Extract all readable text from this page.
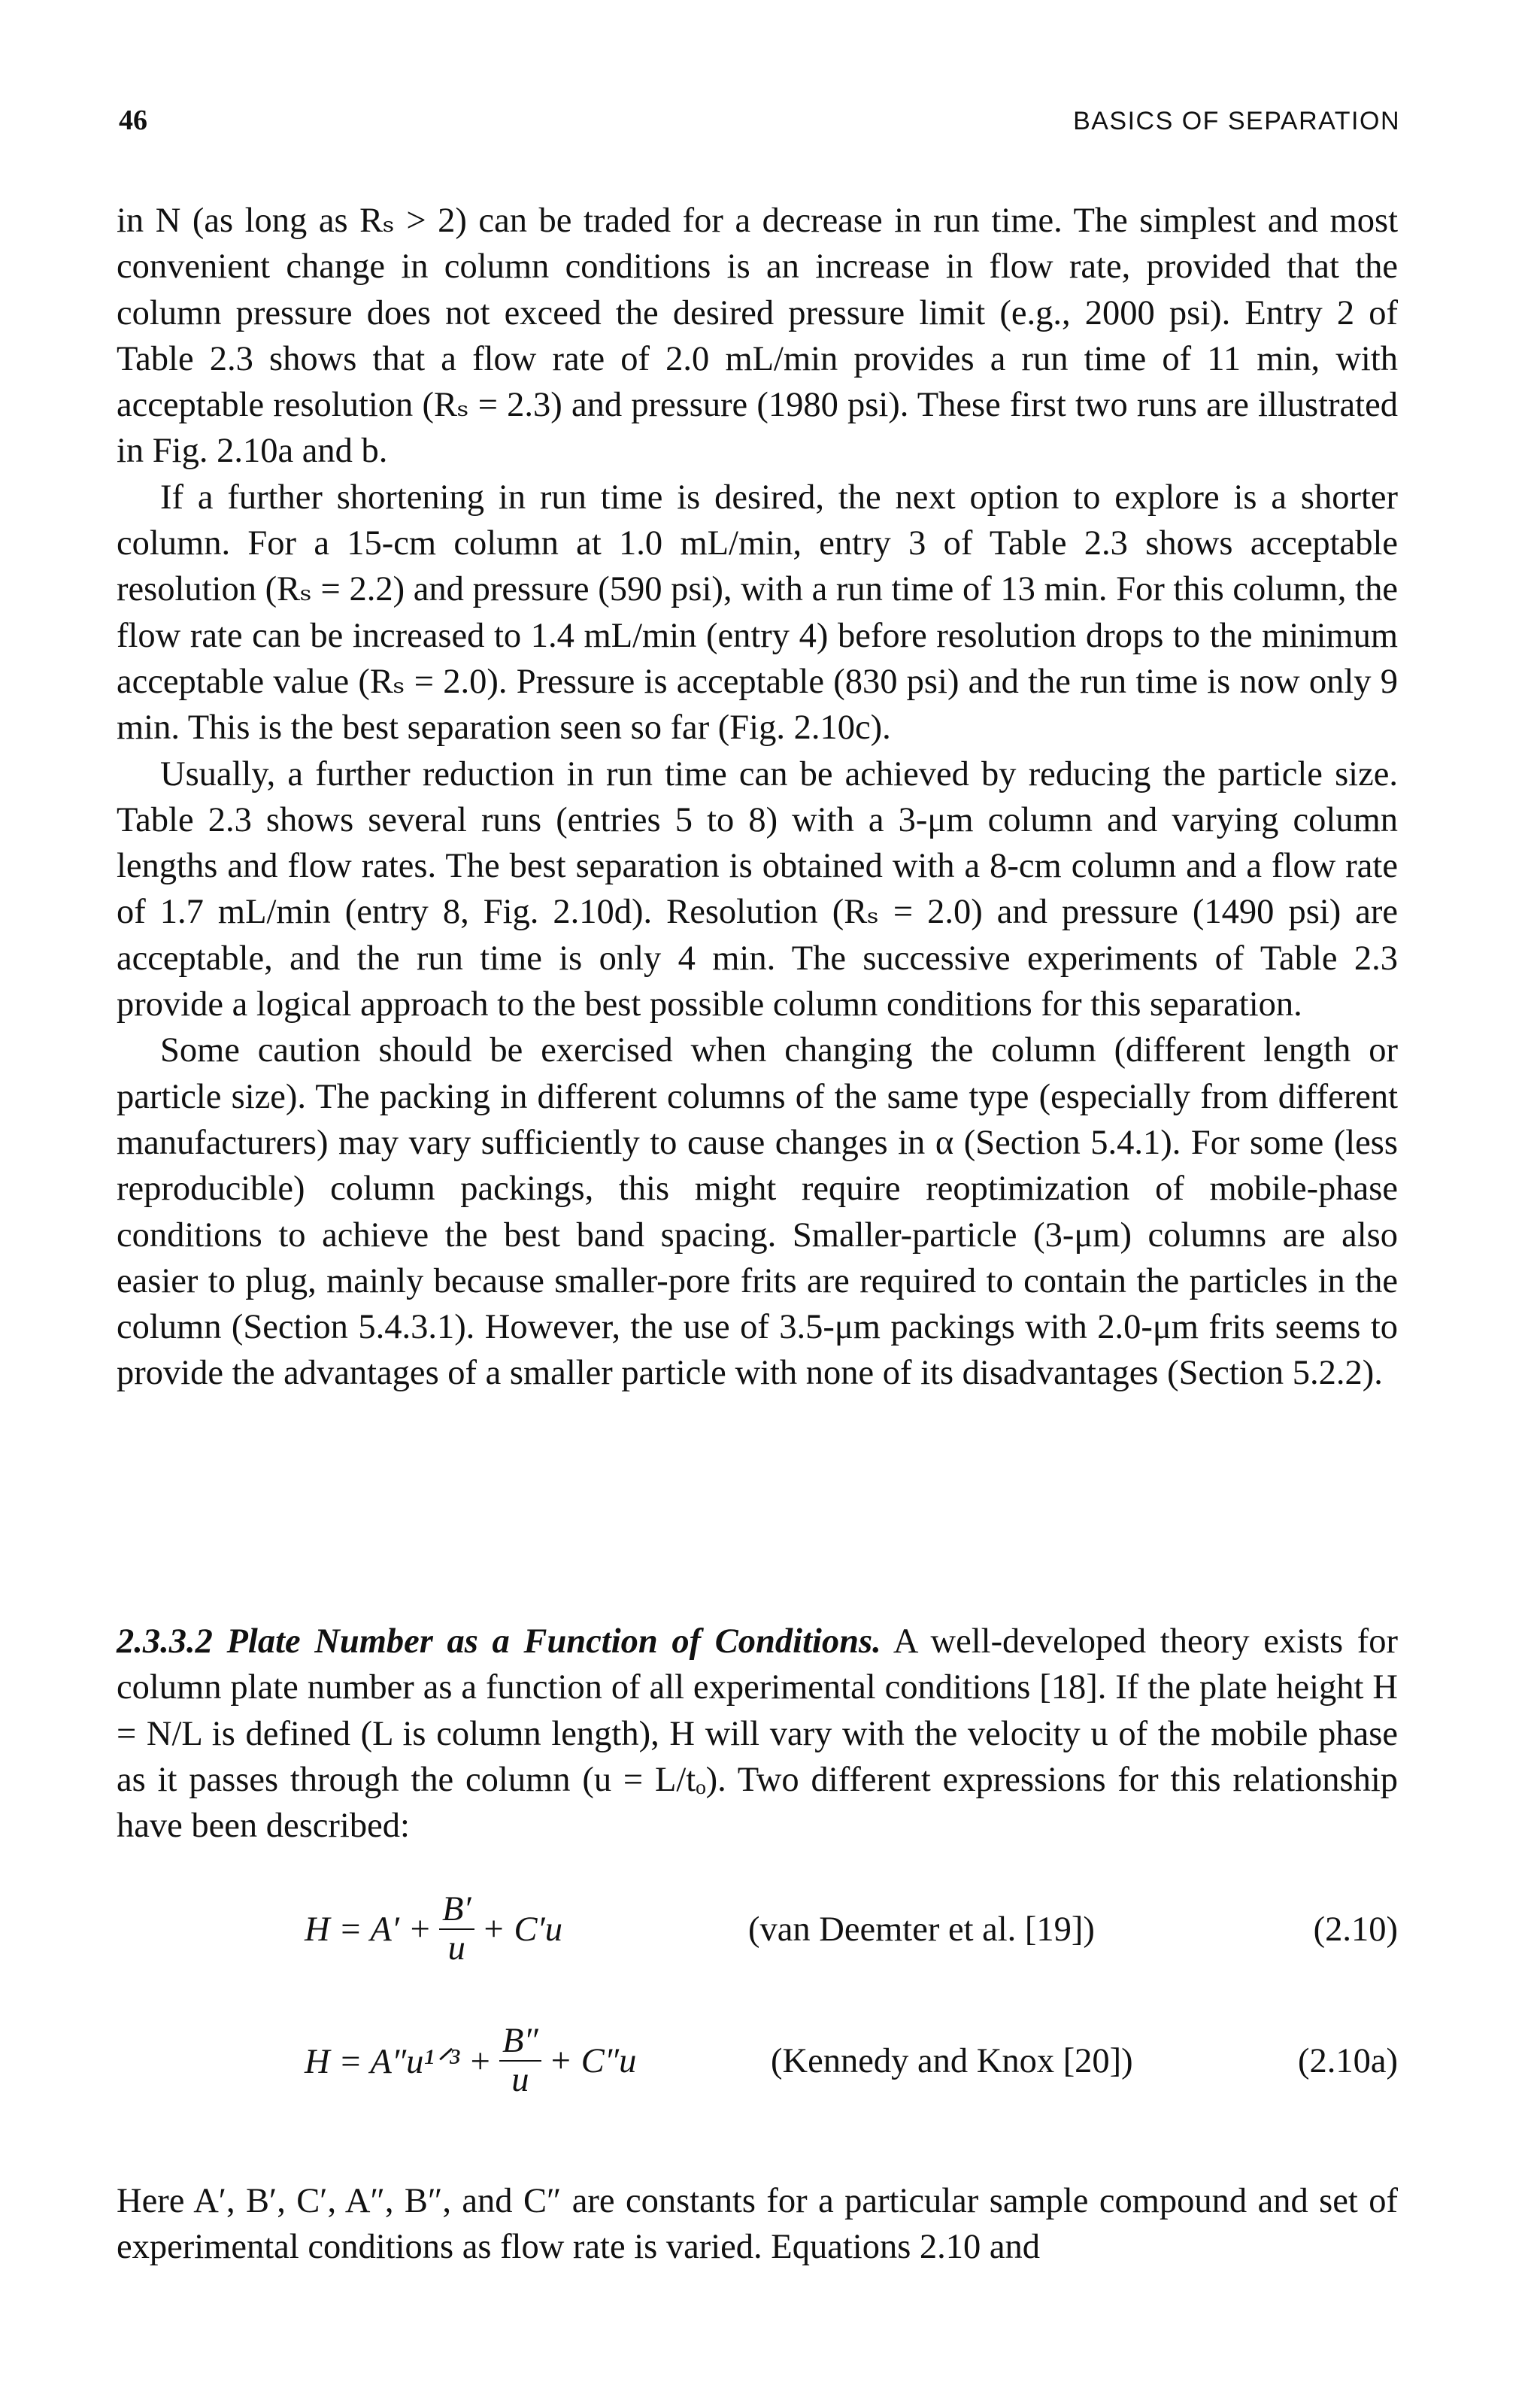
46	BASICS OF SEPARATION

in N (as long as Rₛ > 2) can be traded for a decrease in run time. The simplest and most convenient change in column conditions is an increase in flow rate, provided that the column pressure does not exceed the desired pressure limit (e.g., 2000 psi). Entry 2 of Table 2.3 shows that a flow rate of 2.0 mL/min provides a run time of 11 min, with acceptable resolution (Rₛ = 2.3) and pressure (1980 psi). These first two runs are illustrated in Fig. 2.10a and b.

If a further shortening in run time is desired, the next option to explore is a shorter column. For a 15-cm column at 1.0 mL/min, entry 3 of Table 2.3 shows acceptable resolution (Rₛ = 2.2) and pressure (590 psi), with a run time of 13 min. For this column, the flow rate can be increased to 1.4 mL/min (entry 4) before resolution drops to the minimum acceptable value (Rₛ = 2.0). Pressure is acceptable (830 psi) and the run time is now only 9 min. This is the best separation seen so far (Fig. 2.10c).

Usually, a further reduction in run time can be achieved by reducing the particle size. Table 2.3 shows several runs (entries 5 to 8) with a 3-μm column and varying column lengths and flow rates. The best separation is obtained with a 8-cm column and a flow rate of 1.7 mL/min (entry 8, Fig. 2.10d). Resolution (Rₛ = 2.0) and pressure (1490 psi) are acceptable, and the run time is only 4 min. The successive experiments of Table 2.3 provide a logical approach to the best possible column conditions for this separation.

Some caution should be exercised when changing the column (different length or particle size). The packing in different columns of the same type (especially from different manufacturers) may vary sufficiently to cause changes in α (Section 5.4.1). For some (less reproducible) column packings, this might require reoptimization of mobile-phase conditions to achieve the best band spacing. Smaller-particle (3-μm) columns are also easier to plug, mainly because smaller-pore frits are required to contain the particles in the column (Section 5.4.3.1). However, the use of 3.5-μm packings with 2.0-μm frits seems to provide the advantages of a smaller particle with none of its disadvantages (Section 5.2.2).

2.3.3.2 Plate Number as a Function of Conditions. A well-developed theory exists for column plate number as a function of all experimental conditions [18]. If the plate height H = N/L is defined (L is column length), H will vary with the velocity u of the mobile phase as it passes through the column (u = L/tₒ). Two different expressions for this relationship have been described:

$H = A' + \frac{B'}{u} + C'u$	(van Deemter et al. [19])	(2.10)
H = A″u¹ᐟ³ + $\frac{B''}{u} + C''u$	(Kennedy and Knox [20])	(2.10a)

Here A′, B′, C′, A″, B″, and C″ are constants for a particular sample compound and set of experimental conditions as flow rate is varied. Equations 2.10 and
